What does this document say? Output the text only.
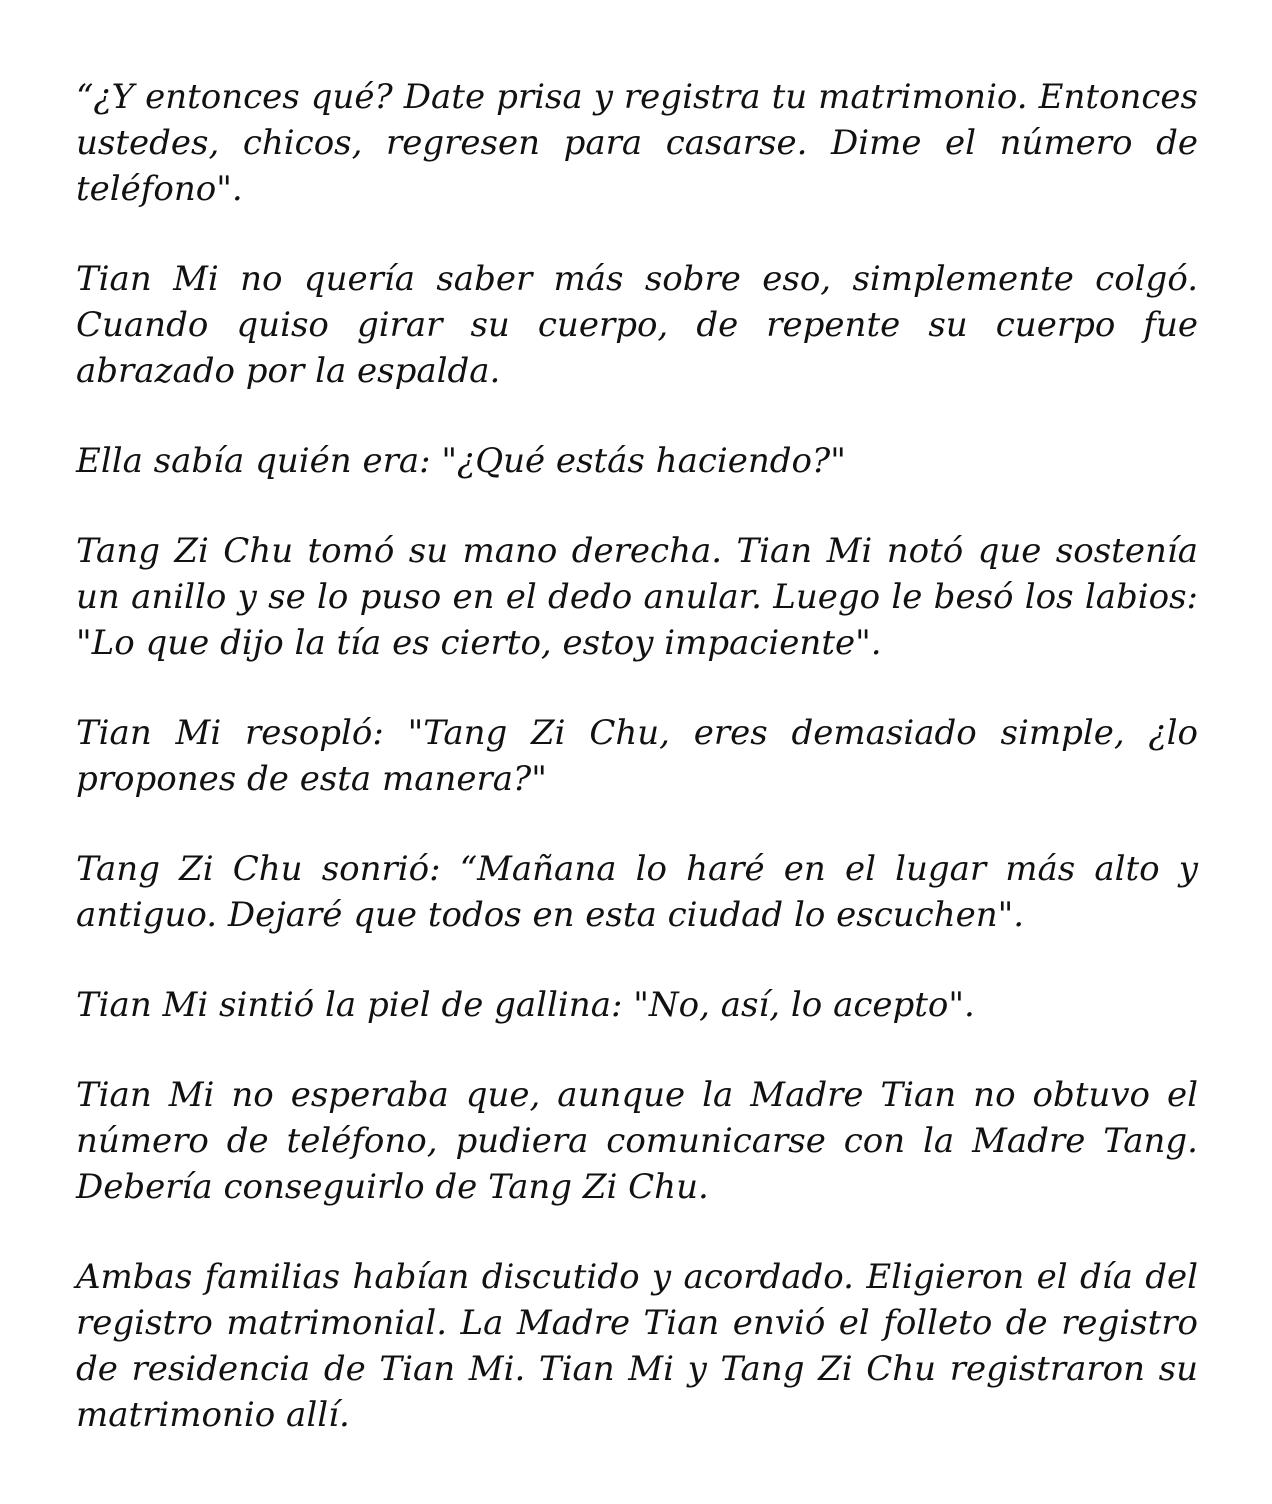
“¿Y entonces qué? Date prisa y registra tu matrimonio. Entonces ustedes, chicos, regresen para casarse. Dime el número de teléfono".

Tian Mi no quería saber más sobre eso, simplemente colgó. Cuando quiso girar su cuerpo, de repente su cuerpo fue abrazado por la espalda.

Ella sabía quién era: "¿Qué estás haciendo?"

Tang Zi Chu tomó su mano derecha. Tian Mi notó que sostenía un anillo y se lo puso en el dedo anular. Luego le besó los labios: "Lo que dijo la tía es cierto, estoy impaciente".

Tian Mi resopló: "Tang Zi Chu, eres demasiado simple, ¿lo propones de esta manera?"

Tang Zi Chu sonrió: “Mañana lo haré en el lugar más alto y antiguo. Dejaré que todos en esta ciudad lo escuchen".

Tian Mi sintió la piel de gallina: "No, así, lo acepto".

Tian Mi no esperaba que, aunque la Madre Tian no obtuvo el número de teléfono, pudiera comunicarse con la Madre Tang. Debería conseguirlo de Tang Zi Chu.

Ambas familias habían discutido y acordado. Eligieron el día del registro matrimonial. La Madre Tian envió el folleto de registro de residencia de Tian Mi. Tian Mi y Tang Zi Chu registraron su matrimonio allí.
